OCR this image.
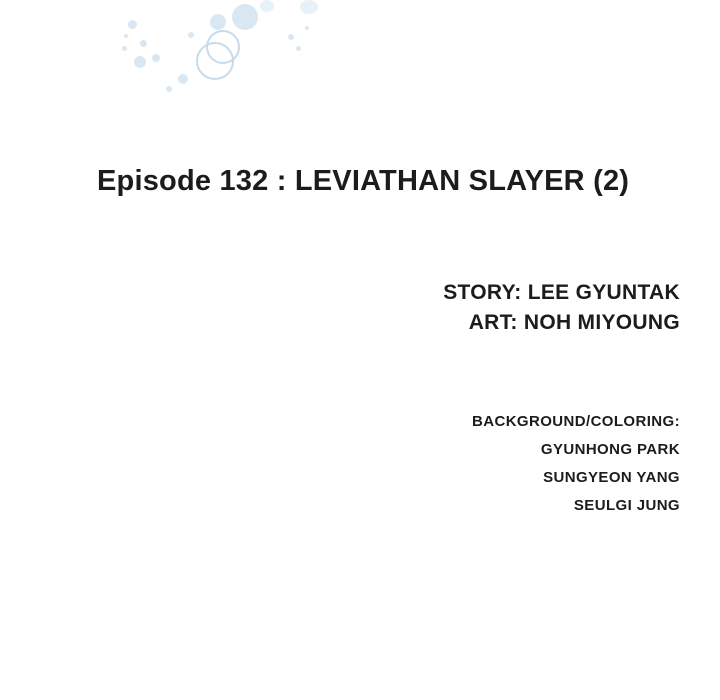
Episode 132 : LEVIATHAN SLAYER (2)
STORY: LEE GYUNTAK
ART: NOH MIYOUNG
BACKGROUND/COLORING:
GYUNHONG PARK
SUNGYEON YANG
SEULGI JUNG
